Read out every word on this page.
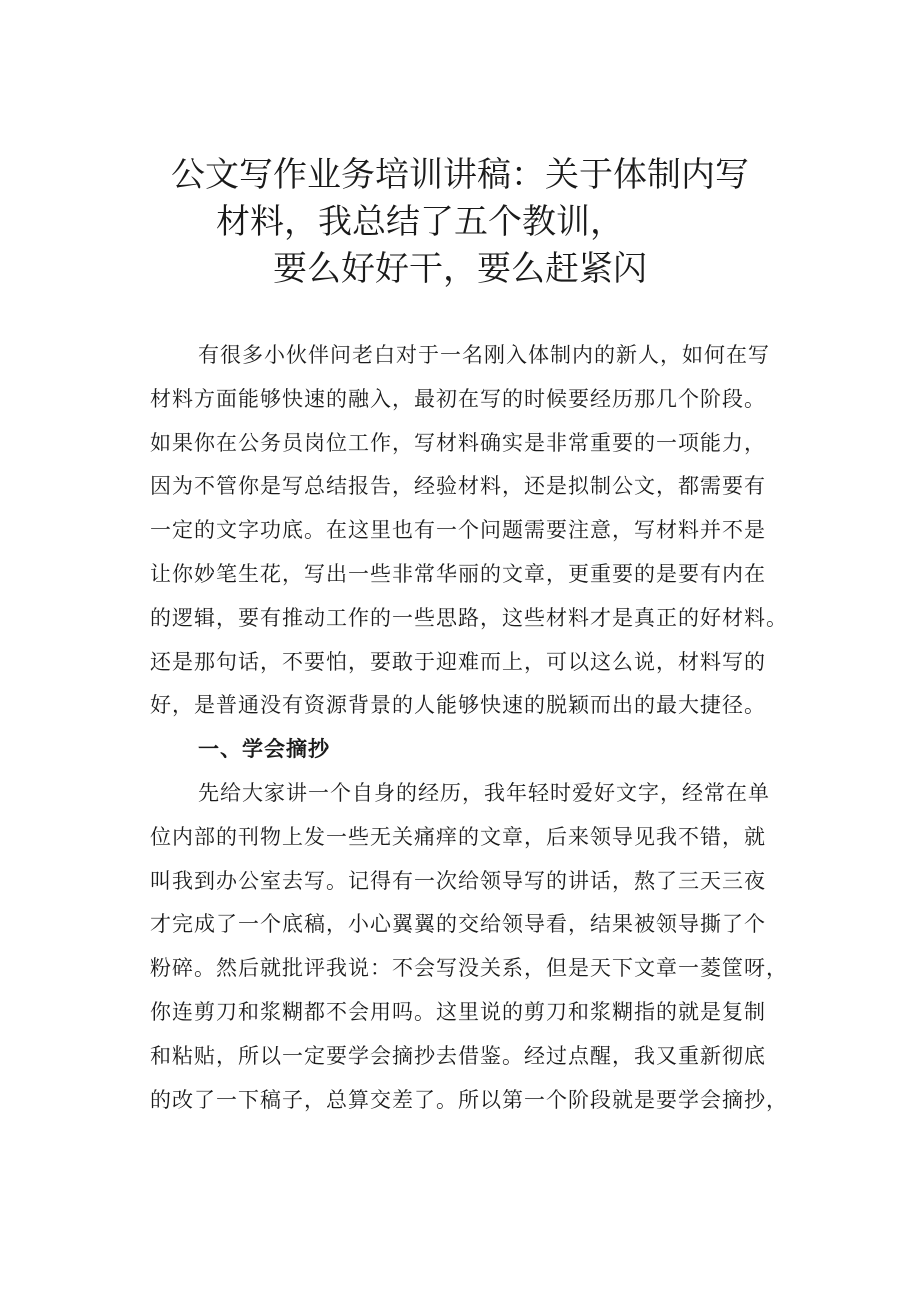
公文写作业务培训讲稿：关于体制内写
材料，我总结了五个教训，
要么好好干，要么赶紧闪

有很多小伙伴问老白对于一名刚入体制内的新人，如何在写
材料方面能够快速的融入，最初在写的时候要经历那几个阶段。
如果你在公务员岗位工作，写材料确实是非常重要的一项能力，
因为不管你是写总结报告，经验材料，还是拟制公文，都需要有
一定的文字功底。在这里也有一个问题需要注意，写材料并不是
让你妙笔生花，写出一些非常华丽的文章，更重要的是要有内在
的逻辑，要有推动工作的一些思路，这些材料才是真正的好材料。
还是那句话，不要怕，要敢于迎难而上，可以这么说，材料写的
好，是普通没有资源背景的人能够快速的脱颖而出的最大捷径。

一、学会摘抄

先给大家讲一个自身的经历，我年轻时爱好文字，经常在单
位内部的刊物上发一些无关痛痒的文章，后来领导见我不错，就
叫我到办公室去写。记得有一次给领导写的讲话，熬了三天三夜
才完成了一个底稿，小心翼翼的交给领导看，结果被领导撕了个
粉碎。然后就批评我说：不会写没关系，但是天下文章一菱筐呀，
你连剪刀和浆糊都不会用吗。这里说的剪刀和浆糊指的就是复制
和粘贴，所以一定要学会摘抄去借鉴。经过点醒，我又重新彻底
的改了一下稿子，总算交差了。所以第一个阶段就是要学会摘抄，
